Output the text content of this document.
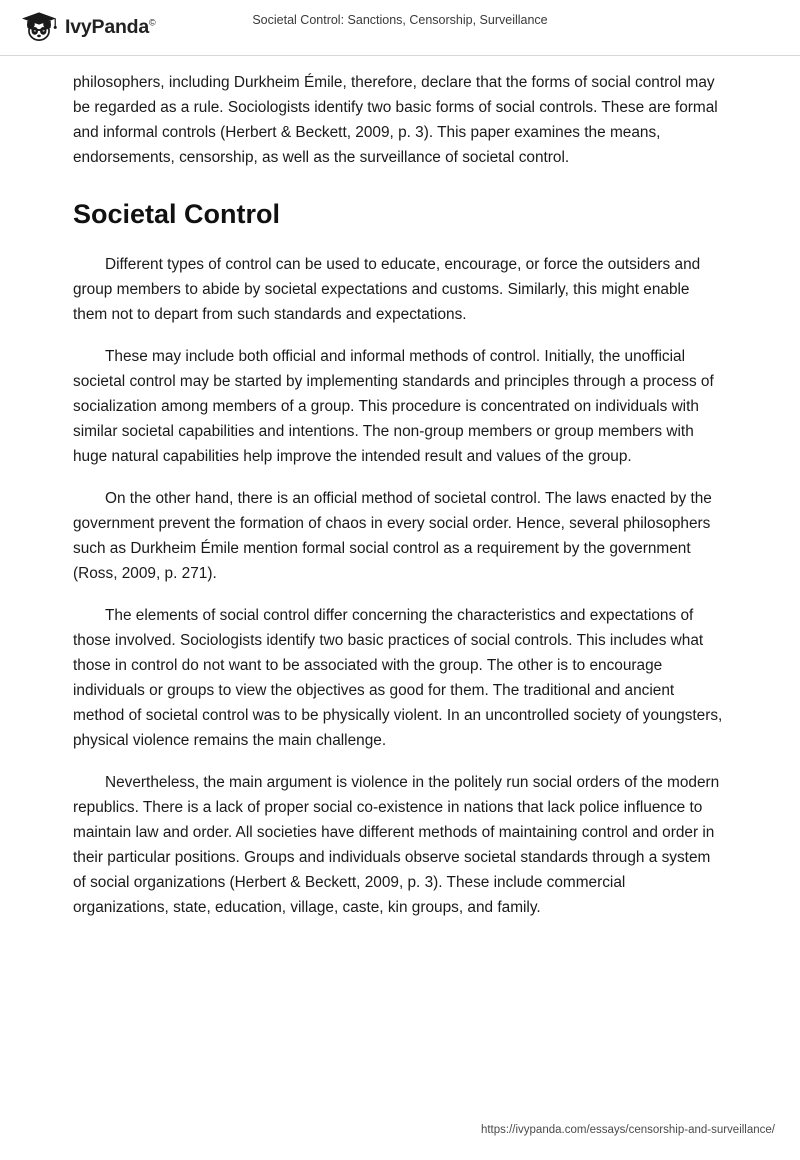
IvyPanda©	Societal Control: Sanctions, Censorship, Surveillance

philosophers, including Durkheim Émile, therefore, declare that the forms of social control may be regarded as a rule. Sociologists identify two basic forms of social controls. These are formal and informal controls (Herbert & Beckett, 2009, p. 3). This paper examines the means, endorsements, censorship, as well as the surveillance of societal control.

Societal Control

Different types of control can be used to educate, encourage, or force the outsiders and group members to abide by societal expectations and customs. Similarly, this might enable them not to depart from such standards and expectations.

These may include both official and informal methods of control. Initially, the unofficial societal control may be started by implementing standards and principles through a process of socialization among members of a group. This procedure is concentrated on individuals with similar societal capabilities and intentions. The non-group members or group members with huge natural capabilities help improve the intended result and values of the group.

On the other hand, there is an official method of societal control. The laws enacted by the government prevent the formation of chaos in every social order. Hence, several philosophers such as Durkheim Émile mention formal social control as a requirement by the government (Ross, 2009, p. 271).

The elements of social control differ concerning the characteristics and expectations of those involved. Sociologists identify two basic practices of social controls. This includes what those in control do not want to be associated with the group. The other is to encourage individuals or groups to view the objectives as good for them. The traditional and ancient method of societal control was to be physically violent. In an uncontrolled society of youngsters, physical violence remains the main challenge.

Nevertheless, the main argument is violence in the politely run social orders of the modern republics. There is a lack of proper social co-existence in nations that lack police influence to maintain law and order. All societies have different methods of maintaining control and order in their particular positions. Groups and individuals observe societal standards through a system of social organizations (Herbert & Beckett, 2009, p. 3). These include commercial organizations, state, education, village, caste, kin groups, and family.

https://ivypanda.com/essays/censorship-and-surveillance/
